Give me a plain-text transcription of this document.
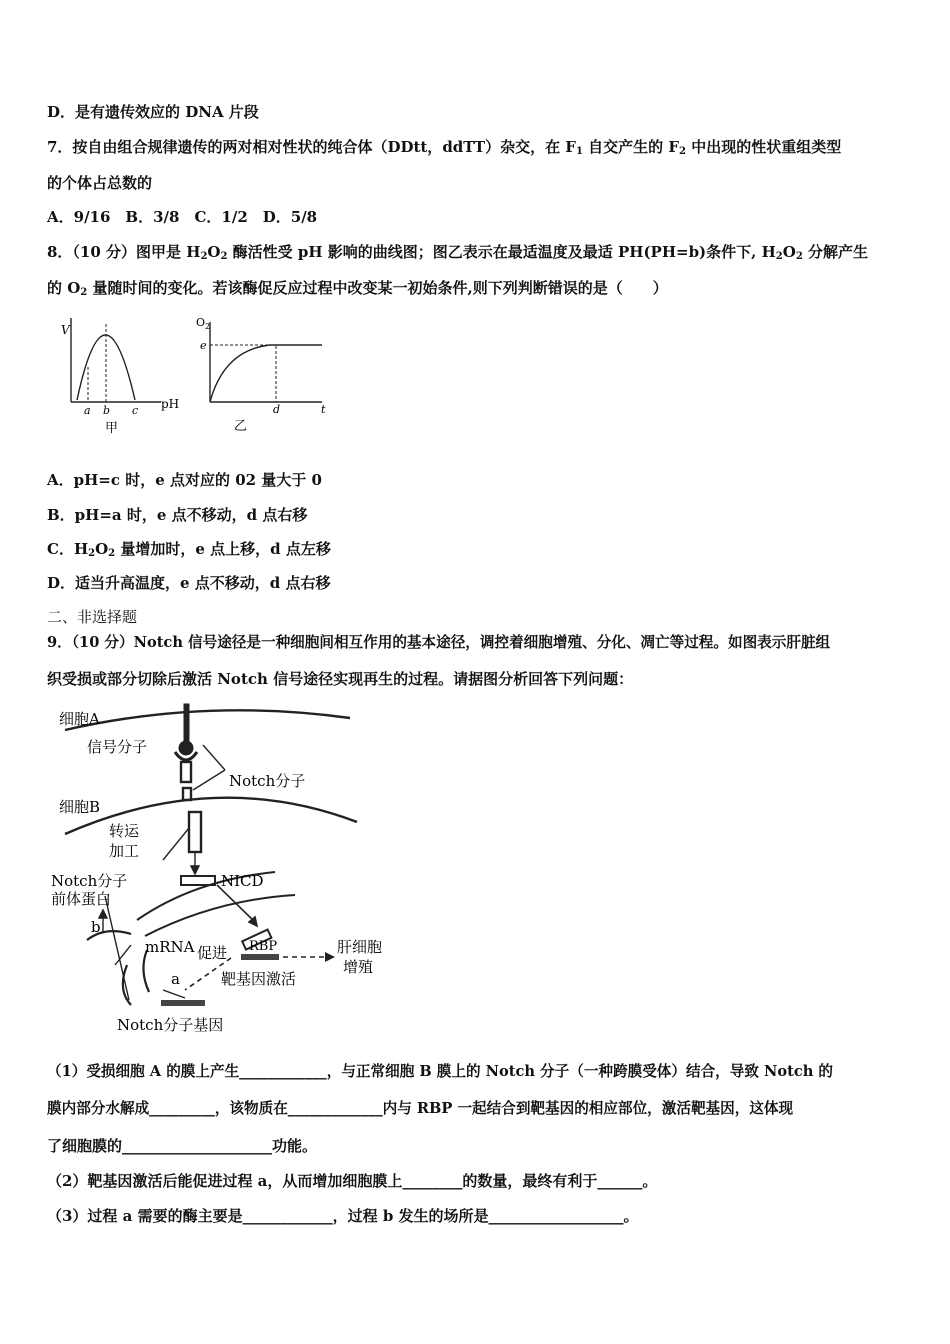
D．是有遗传效应的 DNA 片段
7．按自由组合规律遗传的两对相对性状的纯合体（DDtt，ddTT）杂交，在 $F_1$ 自交产生的 $F_2$ 中出现的性状重组类型
的个体占总数的
A．9/16　B．3/8　C．1/2　D．5/8
8．（10 分）图甲是 $H_2O_2$ 酶活性受 pH 影响的曲线图；图乙表示在最适温度及最适 PH(PH=b)条件下, $H_2O_2$ 分解产生
的 $O_2$ 量随时间的变化。若该酶促反应过程中改变某一初始条件,则下列判断错误的是（　　）
V
pH
a b c
甲
$O_2$
e
d	t
乙
A．pH=c 时，e 点对应的 02 量大于 0
B．pH=a 时，e 点不移动，d 点右移
C．$H_2O_2$ 量增加时，e 点上移，d 点左移
D．适当升高温度，e 点不移动，d 点右移
二、非选择题
9．（10 分）Notch 信号途径是一种细胞间相互作用的基本途径，调控着细胞增殖、分化、凋亡等过程。如图表示肝脏组
织受损或部分切除后激活 Notch 信号途径实现再生的过程。请据图分析回答下列问题：
细胞A
信号分子
Notch分子
细胞B
转运
加工
NICD
Notch分子
前体蛋白
b
mRNA 促进 RBP	肝细胞
增殖
a	靶基因激活
Notch分子基因
（1）受损细胞 A 的膜上产生____________，与正常细胞 B 膜上的 Notch 分子（一种跨膜受体）结合，导致 Notch 的
膜内部分水解成_________，该物质在_____________内与 RBP 一起结合到靶基因的相应部位，激活靶基因，这体现
了细胞膜的____________________功能。
（2）靶基因激活后能促进过程 a，从而增加细胞膜上________的数量，最终有利于______。
（3）过程 a 需要的酶主要是____________，过程 b 发生的场所是__________________。
